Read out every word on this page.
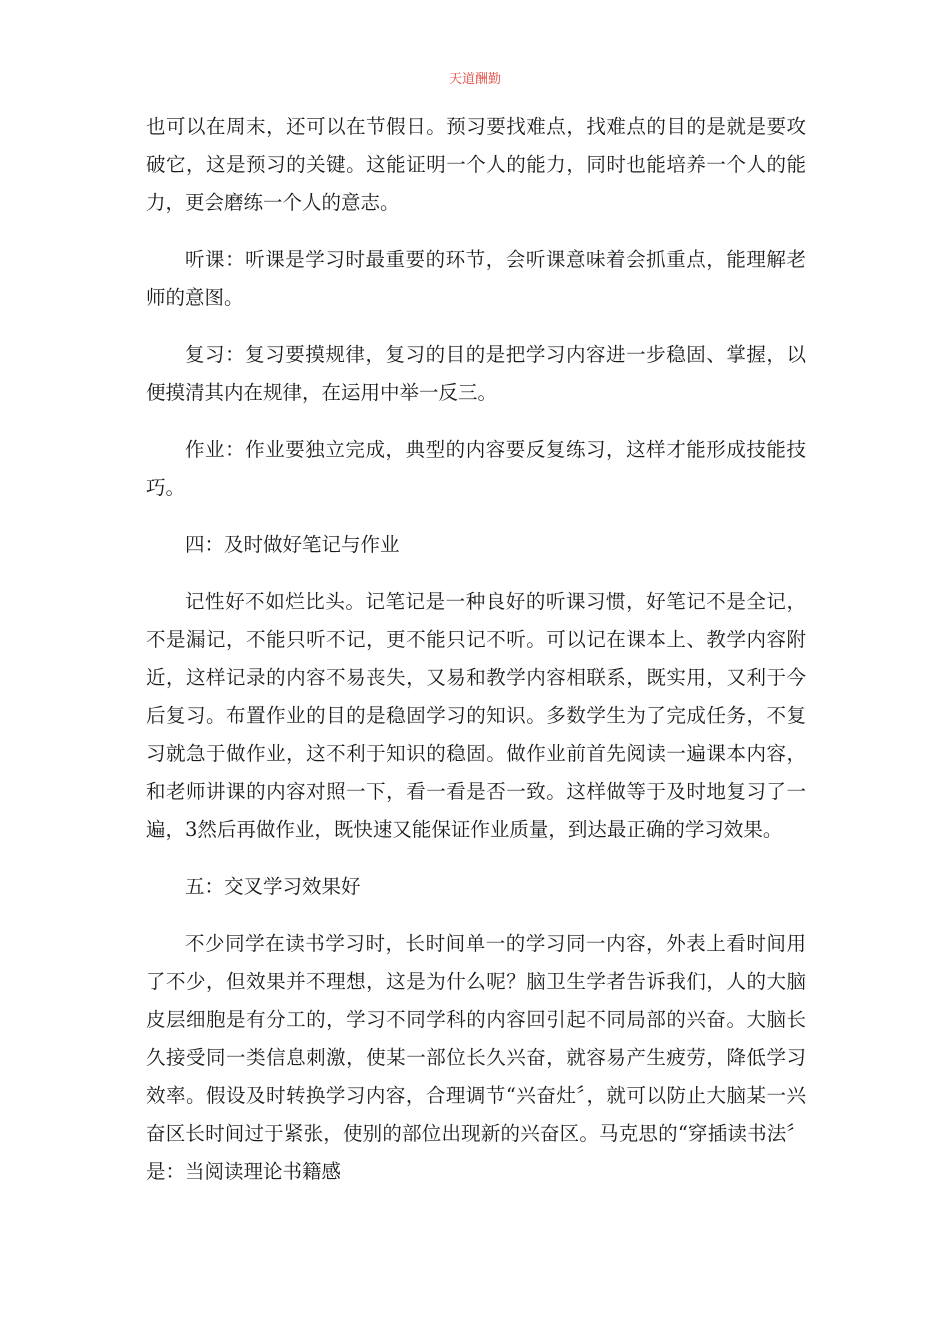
天道酬勤

也可以在周末，还可以在节假日。预习要找难点，找难点的目的是就是要攻破它，这是预习的关键。这能证明一个人的能力，同时也能培养一个人的能力，更会磨练一个人的意志。

听课：听课是学习时最重要的环节，会听课意味着会抓重点，能理解老师的意图。

复习：复习要摸规律，复习的目的是把学习内容进一步稳固、掌握，以便摸清其内在规律，在运用中举一反三。

作业：作业要独立完成，典型的内容要反复练习，这样才能形成技能技巧。

四：及时做好笔记与作业

记性好不如烂比头。记笔记是一种良好的听课习惯，好笔记不是全记，不是漏记，不能只听不记，更不能只记不听。可以记在课本上、教学内容附近，这样记录的内容不易丧失，又易和教学内容相联系，既实用，又利于今后复习。布置作业的目的是稳固学习的知识。多数学生为了完成任务，不复习就急于做作业，这不利于知识的稳固。做作业前首先阅读一遍课本内容，和老师讲课的内容对照一下，看一看是否一致。这样做等于及时地复习了一遍，3然后再做作业，既快速又能保证作业质量，到达最正确的学习效果。

五：交叉学习效果好

不少同学在读书学习时，长时间单一的学习同一内容，外表上看时间用了不少，但效果并不理想，这是为什么呢？脑卫生学者告诉我们，人的大脑皮层细胞是有分工的，学习不同学科的内容回引起不同局部的兴奋。大脑长久接受同一类信息刺激，使某一部位长久兴奋，就容易产生疲劳，降低学习效率。假设及时转换学习内容，合理调节“兴奋灶〞，就可以防止大脑某一兴奋区长时间过于紧张，使别的部位出现新的兴奋区。马克思的“穿插读书法〞是：当阅读理论书籍感
